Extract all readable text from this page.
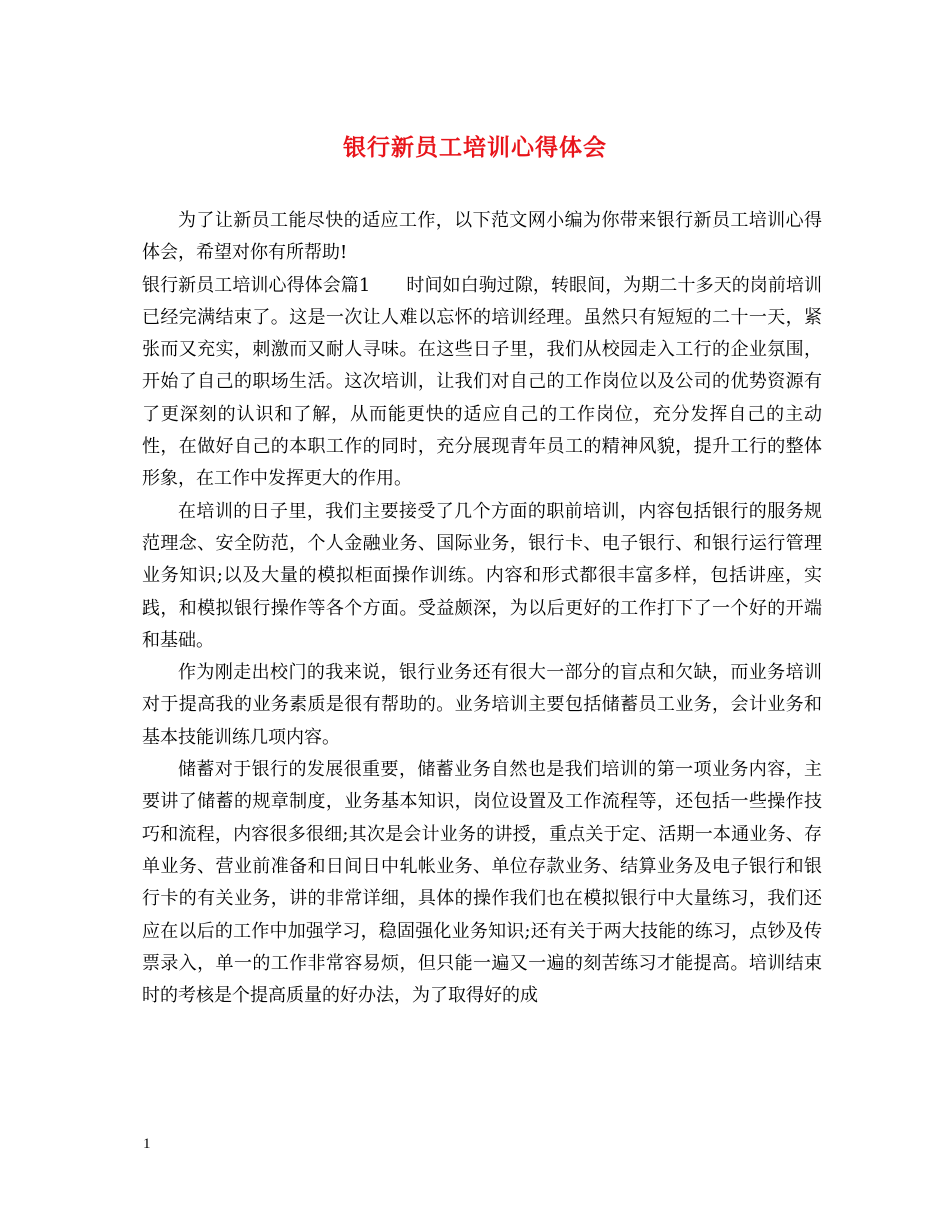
银行新员工培训心得体会

为了让新员工能尽快的适应工作，以下范文网小编为你带来银行新员工培训心得体会，希望对你有所帮助!

银行新员工培训心得体会篇1 时间如白驹过隙，转眼间，为期二十多天的岗前培训已经完满结束了。这是一次让人难以忘怀的培训经理。虽然只有短短的二十一天，紧张而又充实，刺激而又耐人寻味。在这些日子里，我们从校园走入工行的企业氛围，开始了自己的职场生活。这次培训，让我们对自己的工作岗位以及公司的优势资源有了更深刻的认识和了解，从而能更快的适应自己的工作岗位，充分发挥自己的主动性，在做好自己的本职工作的同时，充分展现青年员工的精神风貌，提升工行的整体形象，在工作中发挥更大的作用。

在培训的日子里，我们主要接受了几个方面的职前培训，内容包括银行的服务规范理念、安全防范，个人金融业务、国际业务，银行卡、电子银行、和银行运行管理业务知识;以及大量的模拟柜面操作训练。内容和形式都很丰富多样，包括讲座，实践，和模拟银行操作等各个方面。受益颇深，为以后更好的工作打下了一个好的开端和基础。

作为刚走出校门的我来说，银行业务还有很大一部分的盲点和欠缺，而业务培训对于提高我的业务素质是很有帮助的。业务培训主要包括储蓄员工业务，会计业务和基本技能训练几项内容。

储蓄对于银行的发展很重要，储蓄业务自然也是我们培训的第一项业务内容，主要讲了储蓄的规章制度，业务基本知识，岗位设置及工作流程等，还包括一些操作技巧和流程，内容很多很细;其次是会计业务的讲授，重点关于定、活期一本通业务、存单业务、营业前准备和日间日中轧帐业务、单位存款业务、结算业务及电子银行和银行卡的有关业务，讲的非常详细，具体的操作我们也在模拟银行中大量练习，我们还应在以后的工作中加强学习，稳固强化业务知识;还有关于两大技能的练习，点钞及传票录入，单一的工作非常容易烦，但只能一遍又一遍的刻苦练习才能提高。培训结束时的考核是个提高质量的好办法，为了取得好的成

1
